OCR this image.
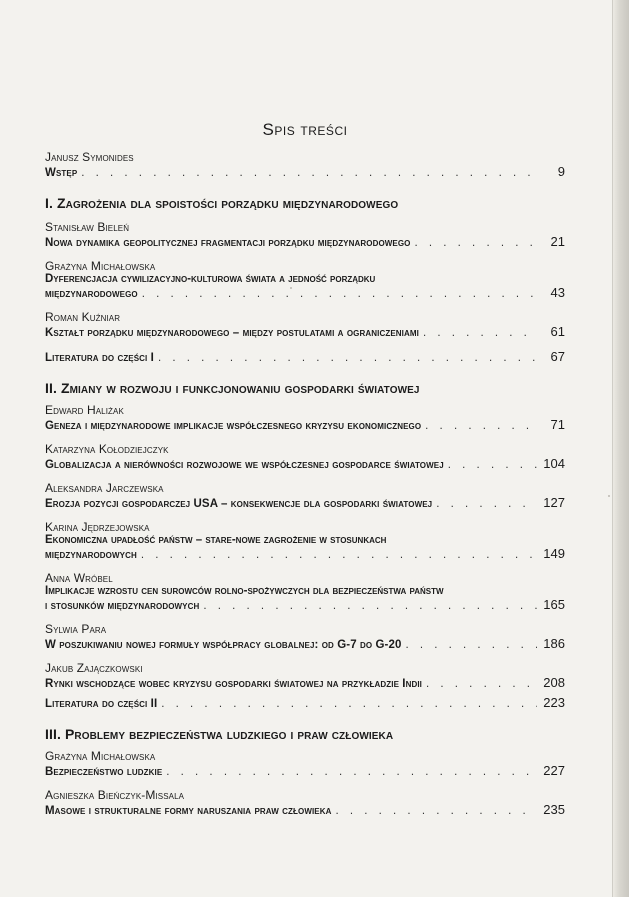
Spis treści
Janusz Symonides
Wstęp . . .	9
I. Zagrożenia dla spoistości porządku międzynarodowego
Stanisław Bieleń
Nowa dynamika geopolitycznej fragmentacji porządku międzynarodowego . . .	21
Grażyna Michałowska
Dyferencjacja cywilizacyjno-kulturowa świata a jedność porządku
międzynarodowego . . .	43
Roman Kuźniar
Kształt porządku międzynarodowego – między postulatami a ograniczeniami . . .	61
Literatura do części I . . .	67
II. Zmiany w rozwoju i funkcjonowaniu gospodarki światowej
Edward Haliżak
Geneza i międzynarodowe implikacje współczesnego kryzysu ekonomicznego . . .	71
Katarzyna Kołodziejczyk
Globalizacja a nierówności rozwojowe we współczesnej gospodarce światowej . . .	104
Aleksandra Jarczewska
Erozja pozycji gospodarczej USA – konsekwencje dla gospodarki światowej . . .	127
Karina Jędrzejowska
Ekonomiczna upadłość państw – stare-nowe zagrożenie w stosunkach
międzynarodowych . . .	149
Anna Wróbel
Implikacje wzrostu cen surowców rolno-spożywczych dla bezpieczeństwa państw
i stosunków międzynarodowych . . .	165
Sylwia Para
W poszukiwaniu nowej formuły współpracy globalnej: od G-7 do G-20 . . .	186
Jakub Zajączkowski
Rynki wschodzące wobec kryzysu gospodarki światowej na przykładzie Indii . . .	208
Literatura do części II . . .	223
III. Problemy bezpieczeństwa ludzkiego i praw człowieka
Grażyna Michałowska
Bezpieczeństwo ludzkie . . .	227
Agnieszka Bieńczyk-Missala
Masowe i strukturalne formy naruszania praw człowieka . . .	235
